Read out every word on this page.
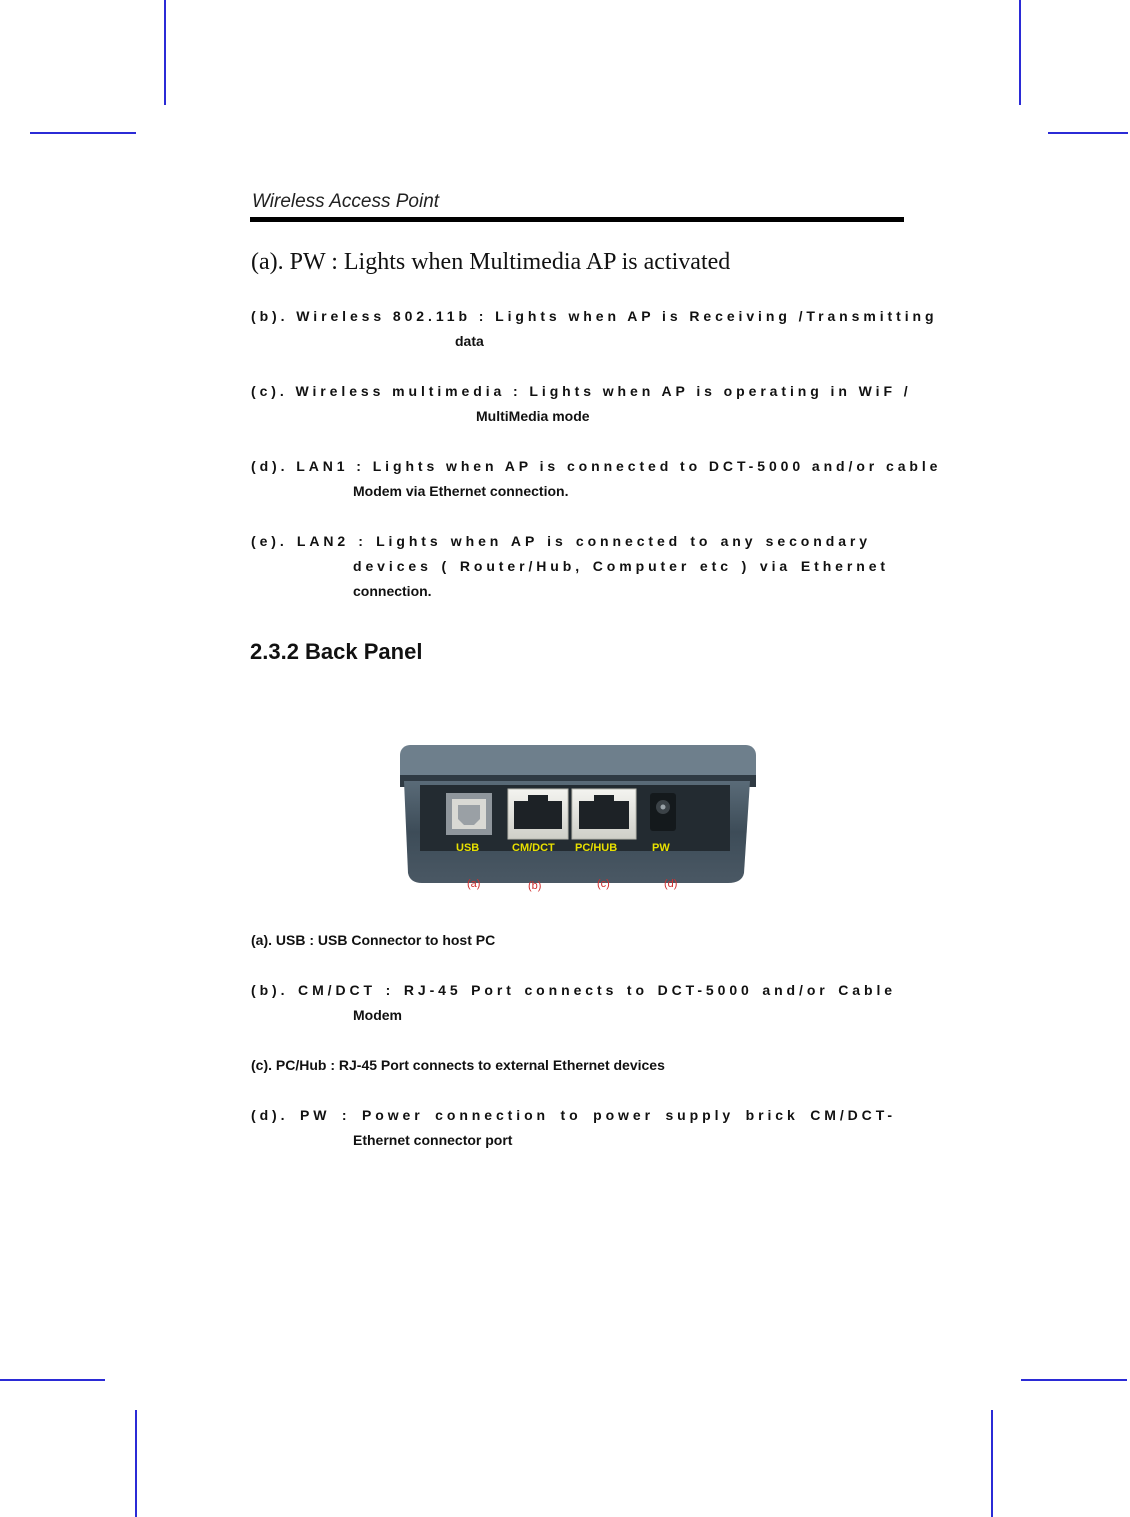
Wireless Access Point
(a). PW : Lights when Multimedia AP is activated
(b). Wireless 802.11b : Lights when AP is Receiving /Transmitting
data
(c). Wireless multimedia : Lights when AP is operating in WiF /
MultiMedia mode
(d). LAN1 : Lights when AP is connected to DCT-5000 and/or cable
Modem via Ethernet connection.
(e). LAN2 : Lights when AP is connected to any secondary
devices ( Router/Hub, Computer etc ) via Ethernet
connection.
2.3.2 Back Panel
USB	CM/DCT PC/HUB	PW
(a)	(b)	(c)	(d)
(a). USB : USB Connector to host PC
(b). CM/DCT : RJ-45 Port connects to DCT-5000 and/or Cable
Modem
(c). PC/Hub : RJ-45 Port connects to external Ethernet devices
(d). PW : Power connection to power supply brick CM/DCT-
Ethernet connector port
